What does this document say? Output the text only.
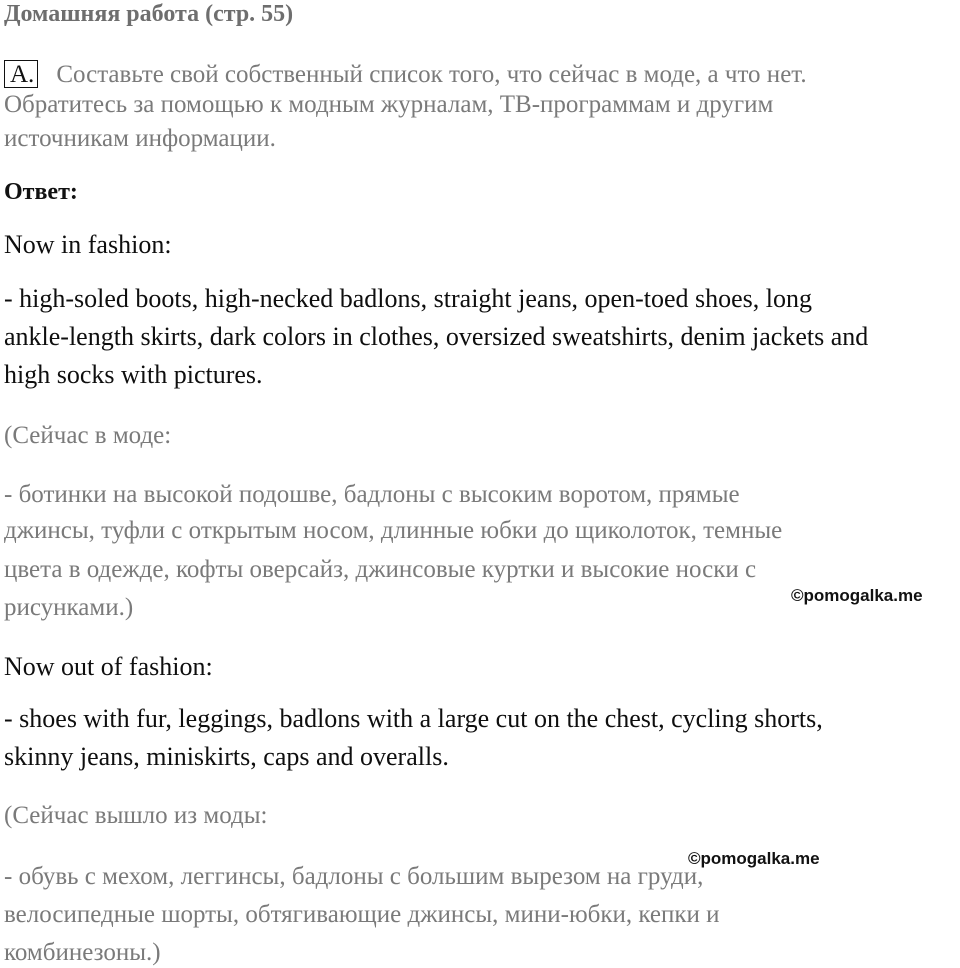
Домашняя работа (стр. 55)
A. Составьте свой собственный список того, что сейчас в моде, а что нет.
Обратитесь за помощью к модным журналам, ТВ-программам и другим
источникам информации.
Ответ:
Now in fashion:
- high-soled boots, high-necked badlons, straight jeans, open-toed shoes, long
ankle-length skirts, dark colors in clothes, oversized sweatshirts, denim jackets and
high socks with pictures.
(Сейчас в моде:
- ботинки на высокой подошве, бадлоны с высоким воротом, прямые
джинсы, туфли с открытым носом, длинные юбки до щиколоток, темные
цвета в одежде, кофты оверсайз, джинсовые куртки и высокие носки с
рисунками.)	©pomogalka.me
Now out of fashion:
- shoes with fur, leggings, badlons with a large cut on the chest, cycling shorts,
skinny jeans, miniskirts, caps and overalls.
(Сейчас вышло из моды:
- обувь с мехом, леггинсы, бадлоны с большим вырезом на груди,
велосипедные шорты, обтягивающие джинсы, мини-юбки, кепки и
комбинезоны.)
©pomogalka.me
